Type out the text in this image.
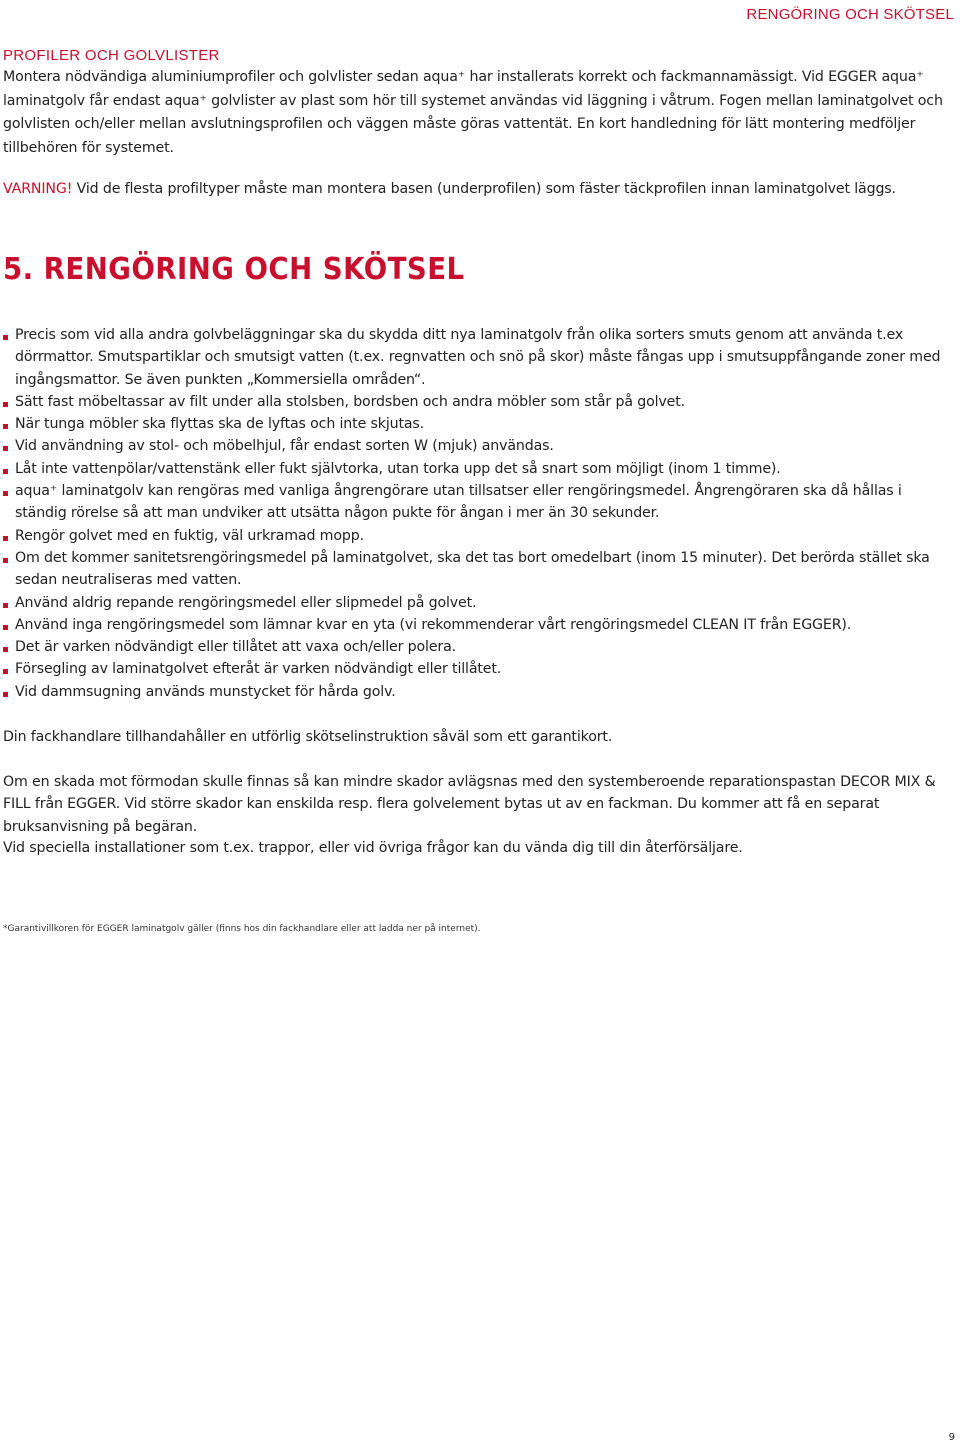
RENGÖRING OCH SKÖTSEL
PROFILER OCH GOLVLISTER
Montera nödvändiga aluminiumprofiler och golvlister sedan aqua⁺ har installerats korrekt och fackmannamässigt. Vid EGGER aqua⁺ laminatgolv får endast aqua⁺ golvlister av plast som hör till systemet användas vid läggning i våtrum. Fogen mellan laminatgolvet och golvlisten och/eller mellan avslutningsprofilen och väggen måste göras vattentät. En kort handledning för lätt montering medföljer tillbehören för systemet.
VARNING! Vid de flesta profiltyper måste man montera basen (underprofilen) som fäster täckprofilen innan laminatgolvet läggs.
5. RENGÖRING OCH SKÖTSEL
Precis som vid alla andra golvbeläggningar ska du skydda ditt nya laminatgolv från olika sorters smuts genom att använda t.ex dörrmattor. Smutspartiklar och smutsigt vatten (t.ex. regnvatten och snö på skor) måste fångas upp i smutsuppfångande zoner med ingångsmattor. Se även punkten „Kommersiella områden“.
Sätt fast möbeltassar av filt under alla stolsben, bordsben och andra möbler som står på golvet.
När tunga möbler ska flyttas ska de lyftas och inte skjutas.
Vid användning av stol- och möbelhjul, får endast sorten W (mjuk) användas.
Låt inte vattenpölar/vattenstänk eller fukt självtorka, utan torka upp det så snart som möjligt (inom 1 timme).
aqua⁺ laminatgolv kan rengöras med vanliga ångrengörare utan tillsatser eller rengöringsmedel. Ångrengöraren ska då hållas i ständig rörelse så att man undviker att utsätta någon pukte för ångan i mer än 30 sekunder.
Rengör golvet med en fuktig, väl urkramad mopp.
Om det kommer sanitetsrengöringsmedel på laminatgolvet, ska det tas bort omedelbart (inom 15 minuter). Det berörda stället ska sedan neutraliseras med vatten.
Använd aldrig repande rengöringsmedel eller slipmedel på golvet.
Använd inga rengöringsmedel som lämnar kvar en yta (vi rekommenderar vårt rengöringsmedel CLEAN IT från EGGER).
Det är varken nödvändigt eller tillåtet att vaxa och/eller polera.
Försegling av laminatgolvet efteråt är varken nödvändigt eller tillåtet.
Vid dammsugning används munstycket för hårda golv.

Din fackhandlare tillhandahåller en utförlig skötselinstruktion såväl som ett garantikort.

Om en skada mot förmodan skulle finnas så kan mindre skador avlägsnas med den systemberoende reparationspastan DECOR MIX & FILL från EGGER. Vid större skador kan enskilda resp. flera golvelement bytas ut av en fackman. Du kommer att få en separat bruksanvisning på begäran.

Vid speciella installationer som t.ex. trappor, eller vid övriga frågor kan du vända dig till din återförsäljare.

*Garantivillkoren för EGGER laminatgolv gäller (finns hos din fackhandlare eller att ladda ner på internet).
9
